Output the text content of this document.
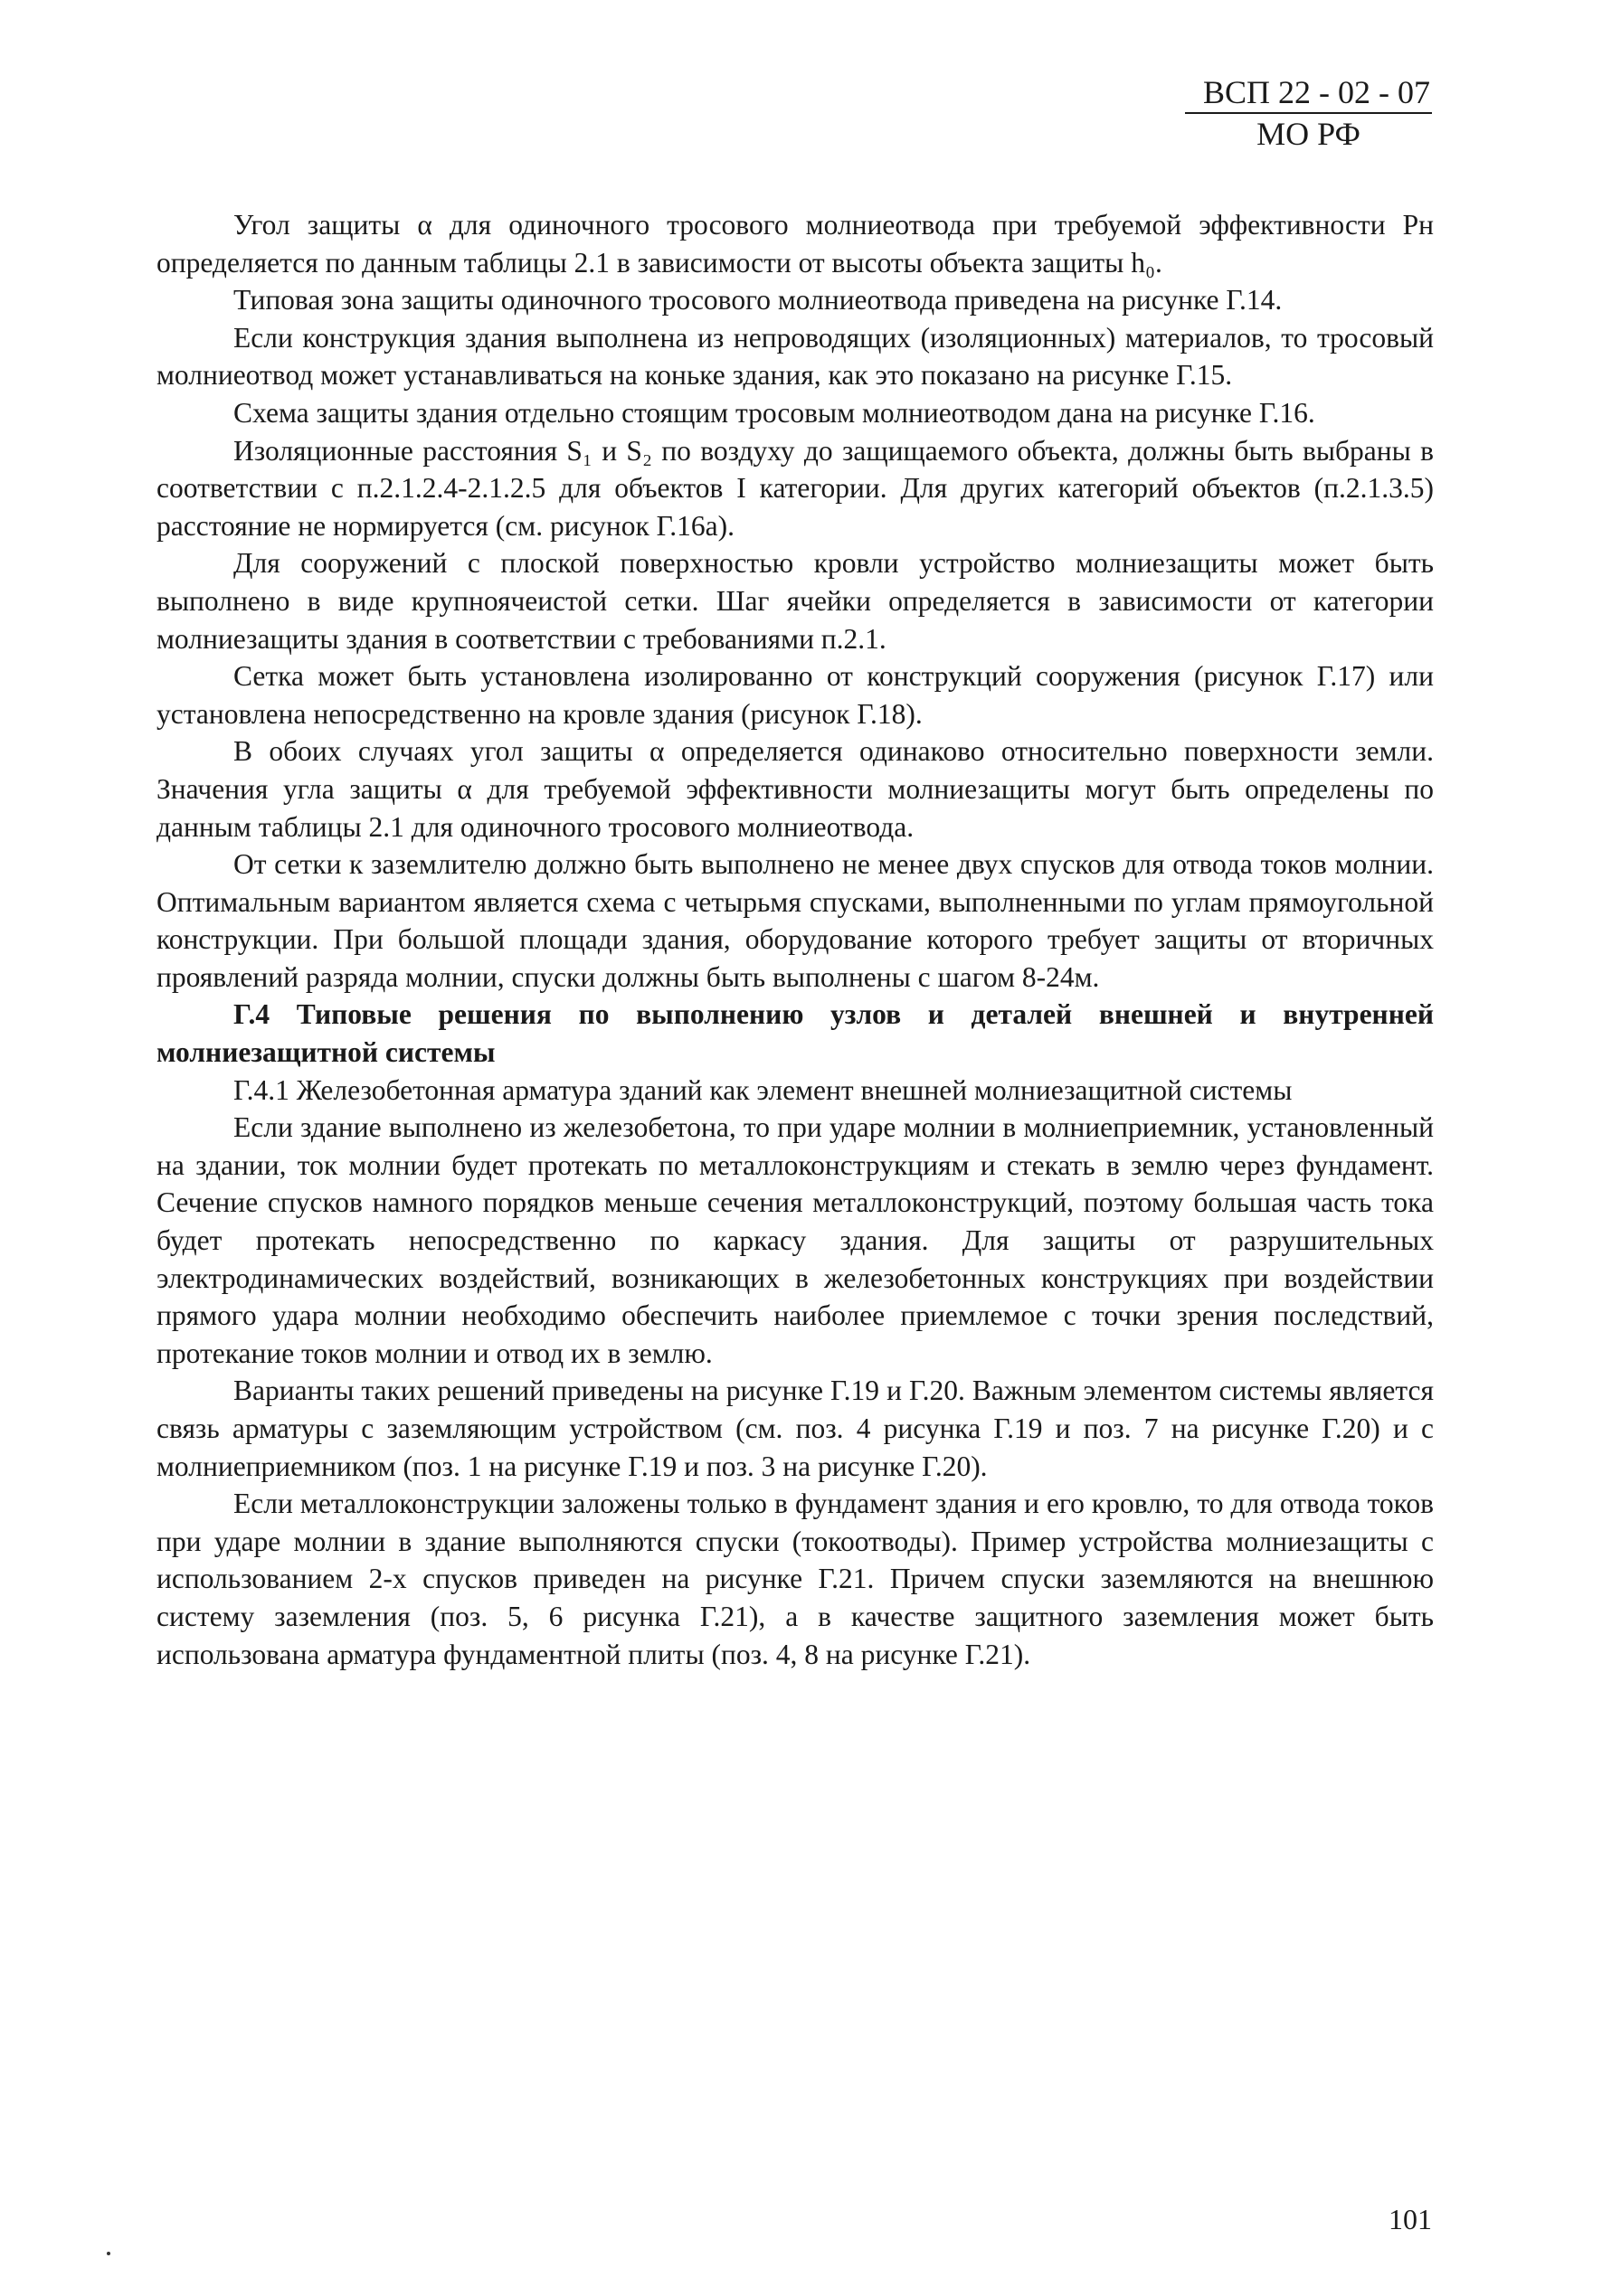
ВСП 22 - 02 - 07
МО РФ

Угол защиты α для одиночного тросового молниеотвода при требуемой эффективности Pн определяется по данным таблицы 2.1 в зависимости от высоты объекта защиты h₀.

Типовая зона защиты одиночного тросового молниеотвода приведена на рисунке Г.14.

Если конструкция здания выполнена из непроводящих (изоляционных) материалов, то тросовый молниеотвод может устанавливаться на коньке здания, как это показано на рисунке Г.15.

Схема защиты здания отдельно стоящим тросовым молниеотводом дана на рисунке Г.16.

Изоляционные расстояния S₁ и S₂ по воздуху до защищаемого объекта, должны быть выбраны в соответствии с п.2.1.2.4-2.1.2.5 для объектов I категории. Для других категорий объектов (п.2.1.3.5) расстояние не нормируется (см. рисунок Г.16а).

Для сооружений с плоской поверхностью кровли устройство молниезащиты может быть выполнено в виде крупноячеистой сетки. Шаг ячейки определяется в зависимости от категории молниезащиты здания в соответствии с требованиями п.2.1.

Сетка может быть установлена изолированно от конструкций сооружения (рисунок Г.17) или установлена непосредственно на кровле здания (рисунок Г.18).

В обоих случаях угол защиты α определяется одинаково относительно поверхности земли. Значения угла защиты α для требуемой эффективности молниезащиты могут быть определены по данным таблицы 2.1 для одиночного тросового молниеотвода.

От сетки к заземлителю должно быть выполнено не менее двух спусков для отвода токов молнии. Оптимальным вариантом является схема с четырьмя спусками, выполненными по углам прямоугольной конструкции. При большой площади здания, оборудование которого требует защиты от вторичных проявлений разряда молнии, спуски должны быть выполнены с шагом 8-24м.

Г.4 Типовые решения по выполнению узлов и деталей внешней и внутренней молниезащитной системы

Г.4.1 Железобетонная арматура зданий как элемент внешней молниезащитной системы

Если здание выполнено из железобетона, то при ударе молнии в молниеприемник, установленный на здании, ток молнии будет протекать по металлоконструкциям и стекать в землю через фундамент. Сечение спусков намного порядков меньше сечения металлоконструкций, поэтому большая часть тока будет протекать непосредственно по каркасу здания. Для защиты от разрушительных электродинамических воздействий, возникающих в железобетонных конструкциях при воздействии прямого удара молнии необходимо обеспечить наиболее приемлемое с точки зрения последствий, протекание токов молнии и отвод их в землю.

Варианты таких решений приведены на рисунке Г.19 и Г.20. Важным элементом системы является связь арматуры с заземляющим устройством (см. поз. 4 рисунка Г.19 и поз. 7 на рисунке Г.20) и с молниеприемником (поз. 1 на рисунке Г.19 и поз. 3 на рисунке Г.20).

Если металлоконструкции заложены только в фундамент здания и его кровлю, то для отвода токов при ударе молнии в здание выполняются спуски (токоотводы). Пример устройства молниезащиты с использованием 2-х спусков приведен на рисунке Г.21. Причем спуски заземляются на внешнюю систему заземления (поз. 5, 6 рисунка Г.21), а в качестве защитного заземления может быть использована арматура фундаментной плиты (поз. 4, 8 на рисунке Г.21).

101
